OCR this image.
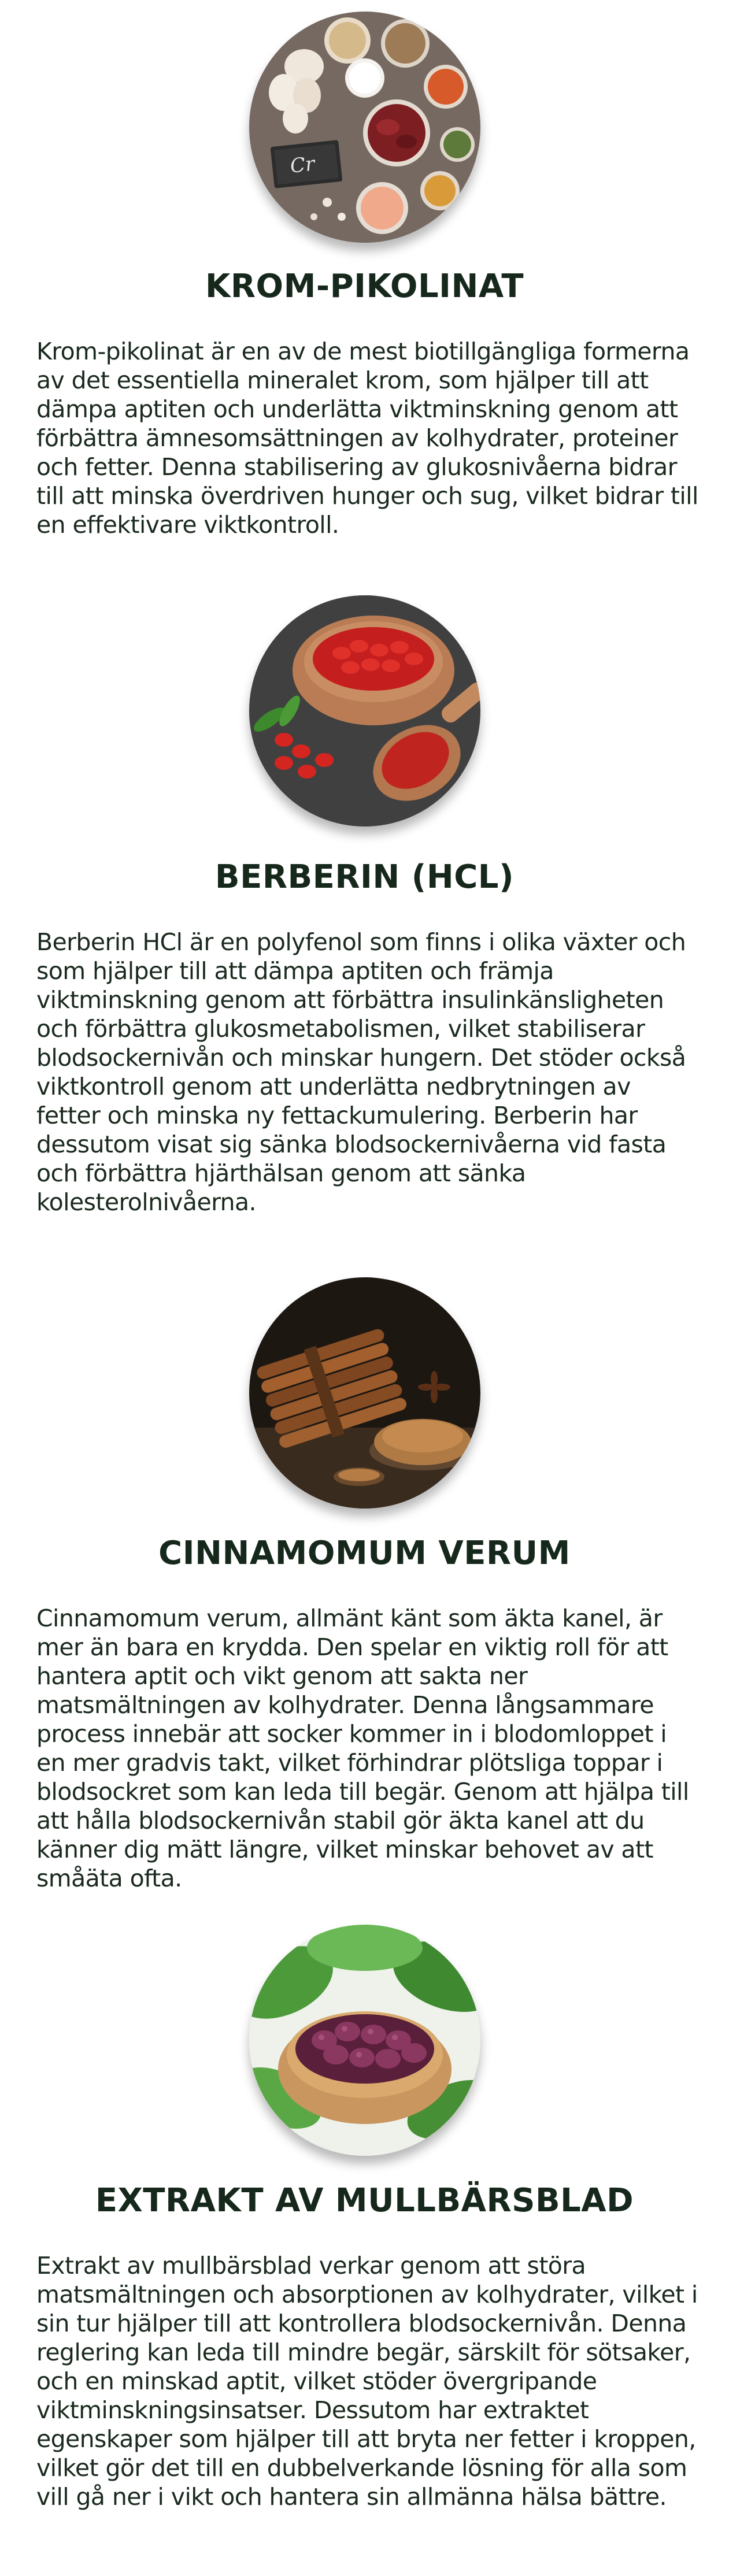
Cr
KROM-PIKOLINAT

Krom-pikolinat är en av de mest biotillgängliga formerna av det essentiella mineralet krom, som hjälper till att dämpa aptiten och underlätta viktminskning genom att förbättra ämnesomsättningen av kolhydrater, proteiner och fetter. Denna stabilisering av glukosnivåerna bidrar till att minska överdriven hunger och sug, vilket bidrar till en effektivare viktkontroll.

BERBERIN (HCL)

Berberin HCl är en polyfenol som finns i olika växter och som hjälper till att dämpa aptiten och främja viktminskning genom att förbättra insulinkänsligheten och förbättra glukosmetabolismen, vilket stabiliserar blodsockernivån och minskar hungern. Det stöder också viktkontroll genom att underlätta nedbrytningen av fetter och minska ny fettackumulering. Berberin har dessutom visat sig sänka blodsockernivåerna vid fasta och förbättra hjärthälsan genom att sänka kolesterolnivåerna.

CINNAMOMUM VERUM

Cinnamomum verum, allmänt känt som äkta kanel, är mer än bara en krydda. Den spelar en viktig roll för att hantera aptit och vikt genom att sakta ner matsmältningen av kolhydrater. Denna långsammare process innebär att socker kommer in i blodomloppet i en mer gradvis takt, vilket förhindrar plötsliga toppar i blodsockret som kan leda till begär. Genom att hjälpa till att hålla blodsockernivån stabil gör äkta kanel att du känner dig mätt längre, vilket minskar behovet av att småäta ofta.

EXTRAKT AV MULLBÄRSBLAD

Extrakt av mullbärsblad verkar genom att störa matsmältningen och absorptionen av kolhydrater, vilket i sin tur hjälper till att kontrollera blodsockernivån. Denna reglering kan leda till mindre begär, särskilt för sötsaker, och en minskad aptit, vilket stöder övergripande viktminskningsinsatser. Dessutom har extraktet egenskaper som hjälper till att bryta ner fetter i kroppen, vilket gör det till en dubbelverkande lösning för alla som vill gå ner i vikt och hantera sin allmänna hälsa bättre.
